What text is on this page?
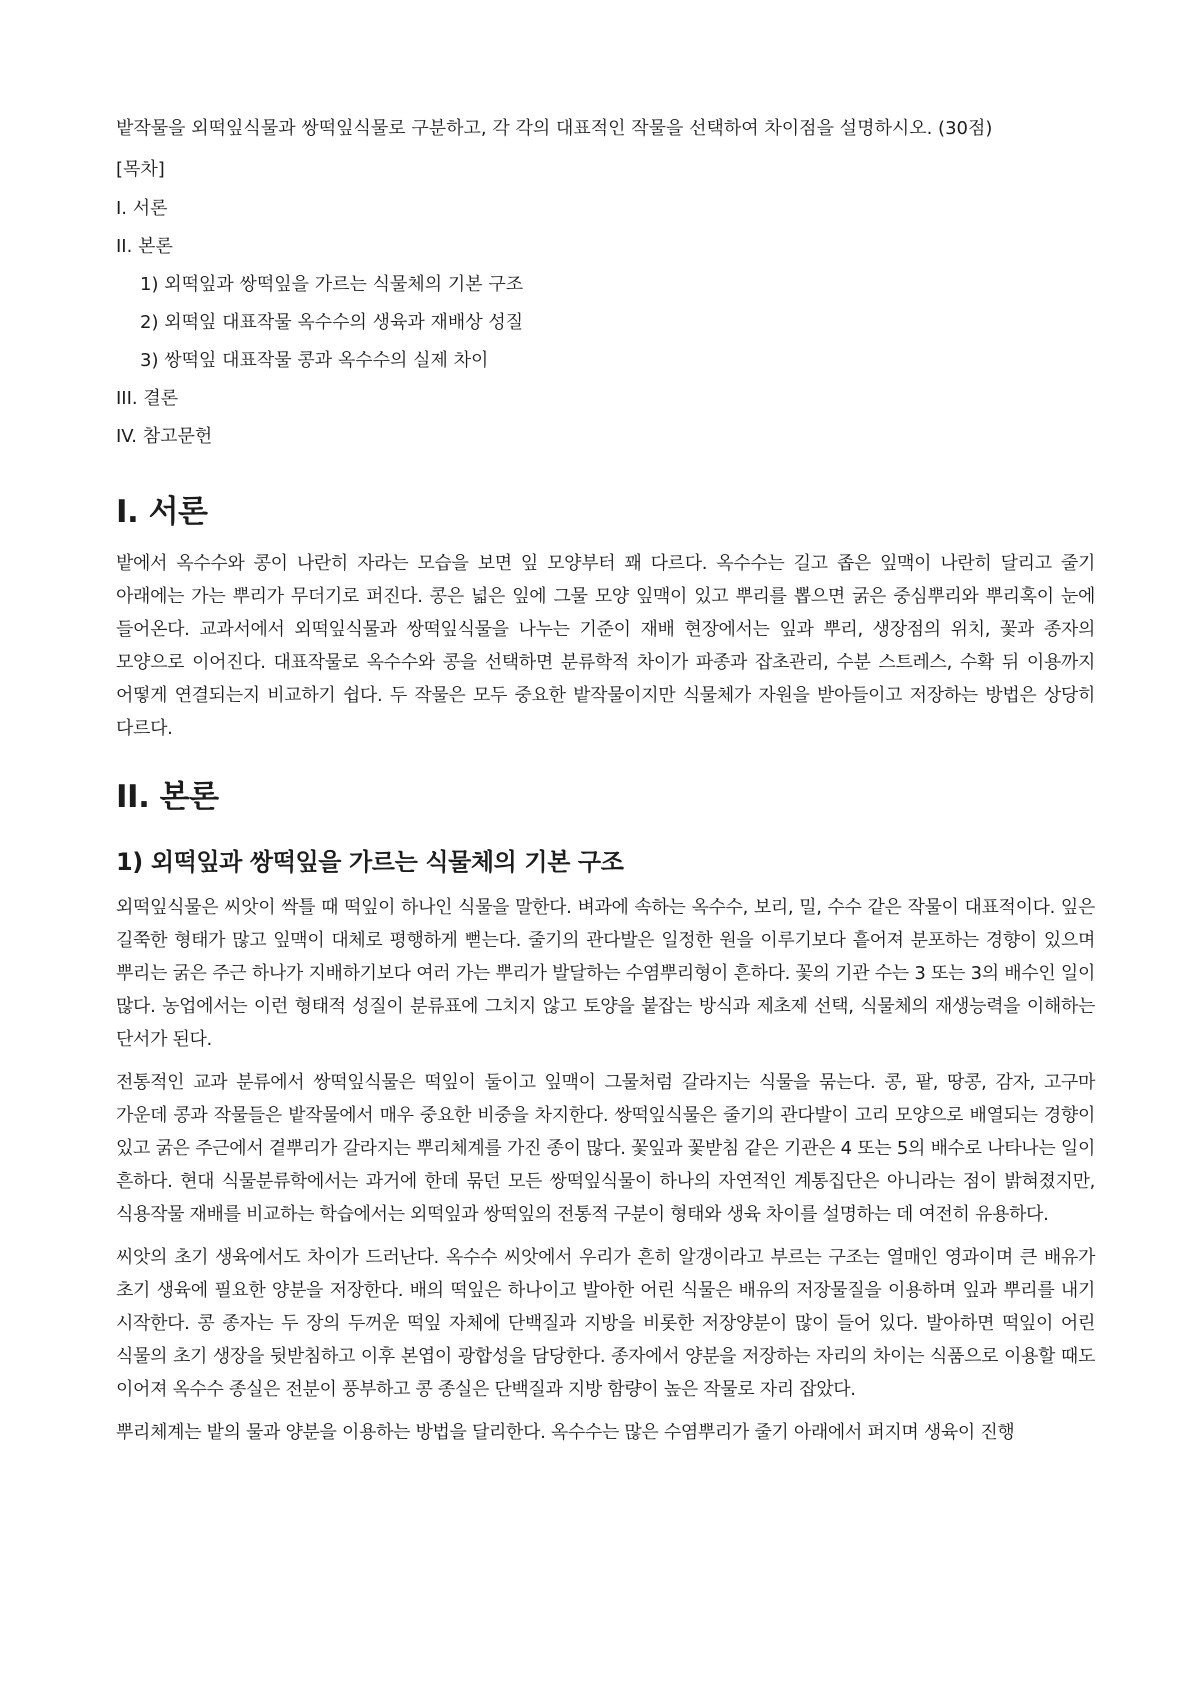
밭작물을 외떡잎식물과 쌍떡잎식물로 구분하고, 각 각의 대표적인 작물을 선택하여 차이점을 설명하시오. (30점)

[목차]

I. 서론

II. 본론

1) 외떡잎과 쌍떡잎을 가르는 식물체의 기본 구조

2) 외떡잎 대표작물 옥수수의 생육과 재배상 성질

3) 쌍떡잎 대표작물 콩과 옥수수의 실제 차이

III. 결론

IV. 참고문헌

I. 서론

밭에서 옥수수와 콩이 나란히 자라는 모습을 보면 잎 모양부터 꽤 다르다. 옥수수는 길고 좁은 잎맥이 나란히 달리고 줄기 아래에는 가는 뿌리가 무더기로 퍼진다. 콩은 넓은 잎에 그물 모양 잎맥이 있고 뿌리를 뽑으면 굵은 중심뿌리와 뿌리혹이 눈에 들어온다. 교과서에서 외떡잎식물과 쌍떡잎식물을 나누는 기준이 재배 현장에서는 잎과 뿌리, 생장점의 위치, 꽃과 종자의 모양으로 이어진다. 대표작물로 옥수수와 콩을 선택하면 분류학적 차이가 파종과 잡초관리, 수분 스트레스, 수확 뒤 이용까지 어떻게 연결되는지 비교하기 쉽다. 두 작물은 모두 중요한 밭작물이지만 식물체가 자원을 받아들이고 저장하는 방법은 상당히 다르다.

II. 본론
1) 외떡잎과 쌍떡잎을 가르는 식물체의 기본 구조

외떡잎식물은 씨앗이 싹틀 때 떡잎이 하나인 식물을 말한다. 벼과에 속하는 옥수수, 보리, 밀, 수수 같은 작물이 대표적이다. 잎은 길쭉한 형태가 많고 잎맥이 대체로 평행하게 뻗는다. 줄기의 관다발은 일정한 원을 이루기보다 흩어져 분포하는 경향이 있으며 뿌리는 굵은 주근 하나가 지배하기보다 여러 가는 뿌리가 발달하는 수염뿌리형이 흔하다. 꽃의 기관 수는 3 또는 3의 배수인 일이 많다. 농업에서는 이런 형태적 성질이 분류표에 그치지 않고 토양을 붙잡는 방식과 제초제 선택, 식물체의 재생능력을 이해하는 단서가 된다.

전통적인 교과 분류에서 쌍떡잎식물은 떡잎이 둘이고 잎맥이 그물처럼 갈라지는 식물을 묶는다. 콩, 팥, 땅콩, 감자, 고구마 가운데 콩과 작물들은 밭작물에서 매우 중요한 비중을 차지한다. 쌍떡잎식물은 줄기의 관다발이 고리 모양으로 배열되는 경향이 있고 굵은 주근에서 곁뿌리가 갈라지는 뿌리체계를 가진 종이 많다. 꽃잎과 꽃받침 같은 기관은 4 또는 5의 배수로 나타나는 일이 흔하다. 현대 식물분류학에서는 과거에 한데 묶던 모든 쌍떡잎식물이 하나의 자연적인 계통집단은 아니라는 점이 밝혀졌지만, 식용작물 재배를 비교하는 학습에서는 외떡잎과 쌍떡잎의 전통적 구분이 형태와 생육 차이를 설명하는 데 여전히 유용하다.

씨앗의 초기 생육에서도 차이가 드러난다. 옥수수 씨앗에서 우리가 흔히 알갱이라고 부르는 구조는 열매인 영과이며 큰 배유가 초기 생육에 필요한 양분을 저장한다. 배의 떡잎은 하나이고 발아한 어린 식물은 배유의 저장물질을 이용하며 잎과 뿌리를 내기 시작한다. 콩 종자는 두 장의 두꺼운 떡잎 자체에 단백질과 지방을 비롯한 저장양분이 많이 들어 있다. 발아하면 떡잎이 어린 식물의 초기 생장을 뒷받침하고 이후 본엽이 광합성을 담당한다. 종자에서 양분을 저장하는 자리의 차이는 식품으로 이용할 때도 이어져 옥수수 종실은 전분이 풍부하고 콩 종실은 단백질과 지방 함량이 높은 작물로 자리 잡았다.

뿌리체계는 밭의 물과 양분을 이용하는 방법을 달리한다. 옥수수는 많은 수염뿌리가 줄기 아래에서 퍼지며 생육이 진행
